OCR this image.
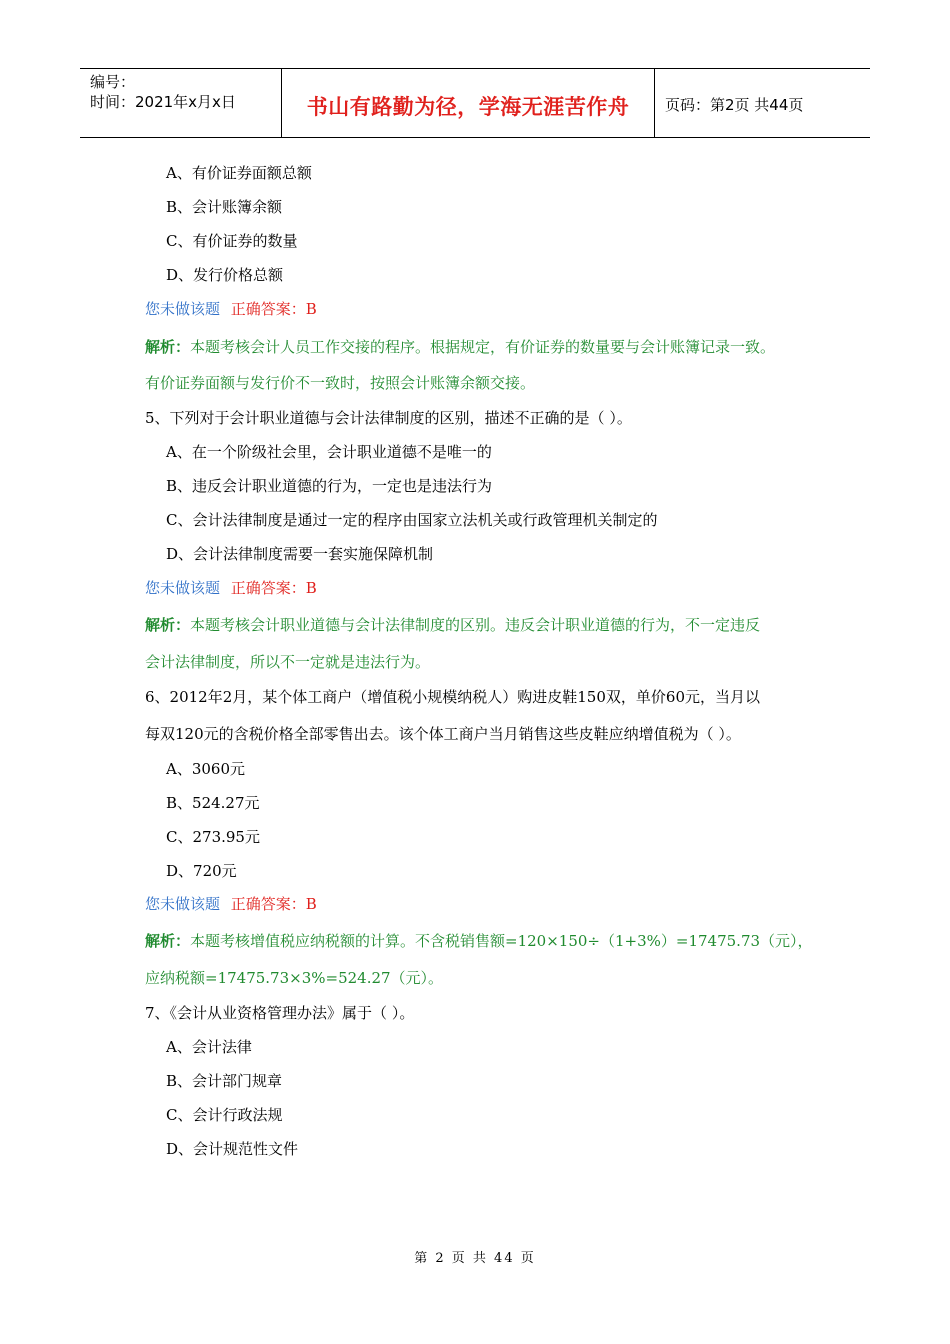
编号：
时间：2021年x月x日	书山有路勤为径，学海无涯苦作舟	页码：第2页 共44页
A、有价证券面额总额
B、会计账簿余额
C、有价证券的数量
D、发行价格总额
您未做该题 正确答案：B
解析：本题考核会计人员工作交接的程序。根据规定，有价证券的数量要与会计账簿记录一致。
有价证券面额与发行价不一致时，按照会计账簿余额交接。
5、下列对于会计职业道德与会计法律制度的区别，描述不正确的是（ ）。
A、在一个阶级社会里，会计职业道德不是唯一的
B、违反会计职业道德的行为，一定也是违法行为
C、会计法律制度是通过一定的程序由国家立法机关或行政管理机关制定的
D、会计法律制度需要一套实施保障机制
您未做该题 正确答案：B
解析：本题考核会计职业道德与会计法律制度的区别。违反会计职业道德的行为，不一定违反
会计法律制度，所以不一定就是违法行为。
6、2012年2月，某个体工商户（增值税小规模纳税人）购进皮鞋150双，单价60元，当月以
每双120元的含税价格全部零售出去。该个体工商户当月销售这些皮鞋应纳增值税为（ ）。
A、3060元
B、524.27元
C、273.95元
D、720元
您未做该题 正确答案：B
解析：本题考核增值税应纳税额的计算。不含税销售额=120×150÷（1+3%）=17475.73（元），
应纳税额=17475.73×3%=524.27（元）。
7、《会计从业资格管理办法》属于（ ）。
A、会计法律
B、会计部门规章
C、会计行政法规
D、会计规范性文件
第 2 页 共 44 页
